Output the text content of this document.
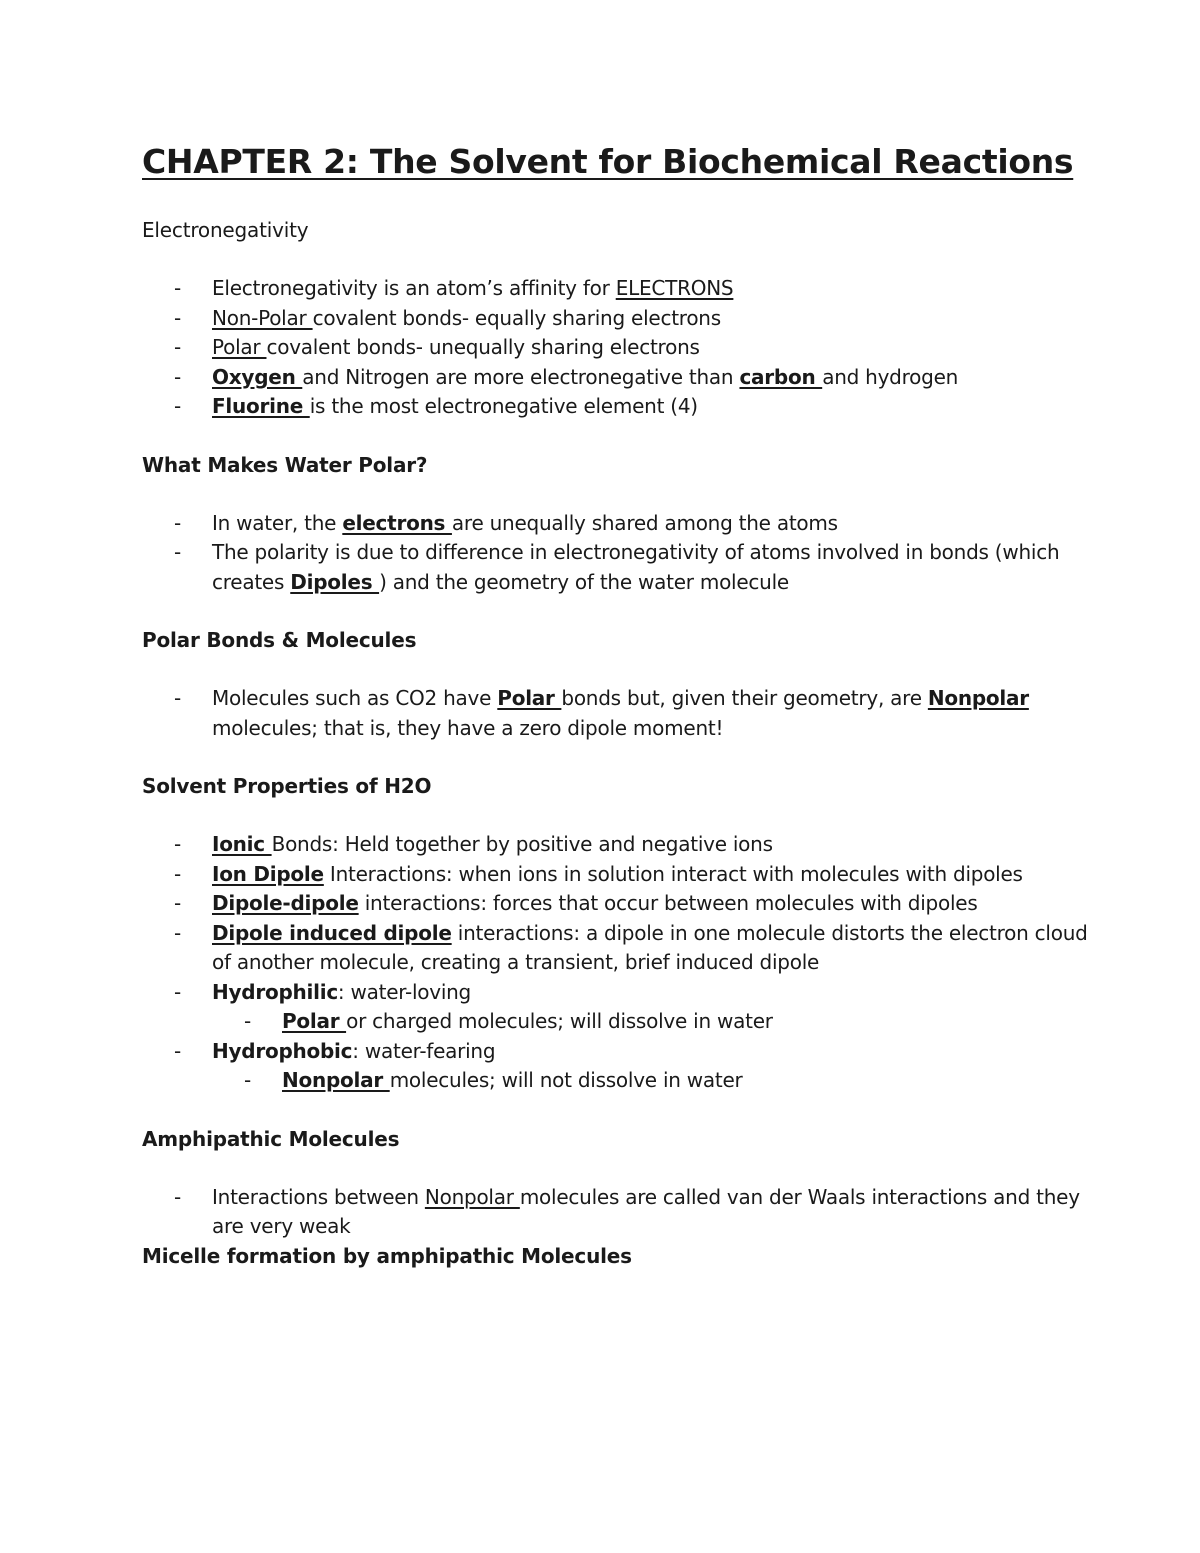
CHAPTER 2: The Solvent for Biochemical Reactions
Electronegativity
- Electronegativity is an atom’s affinity for ELECTRONS
- Non-Polar covalent bonds- equally sharing electrons
- Polar covalent bonds- unequally sharing electrons
- Oxygen and Nitrogen are more electronegative than carbon and hydrogen
- Fluorine is the most electronegative element (4)
What Makes Water Polar?
- In water, the electrons are unequally shared among the atoms
- The polarity is due to difference in electronegativity of atoms involved in bonds (which creates Dipoles ) and the geometry of the water molecule
Polar Bonds & Molecules
- Molecules such as CO2 have Polar bonds but, given their geometry, are Nonpolar molecules; that is, they have a zero dipole moment!
Solvent Properties of H2O
- Ionic Bonds: Held together by positive and negative ions
- Ion Dipole Interactions: when ions in solution interact with molecules with dipoles
- Dipole-dipole interactions: forces that occur between molecules with dipoles
- Dipole induced dipole interactions: a dipole in one molecule distorts the electron cloud of another molecule, creating a transient, brief induced dipole
- Hydrophilic: water-loving
- Polar or charged molecules; will dissolve in water
- Hydrophobic: water-fearing
- Nonpolar molecules; will not dissolve in water
Amphipathic Molecules
- Interactions between Nonpolar molecules are called van der Waals interactions and they are very weak
Micelle formation by amphipathic Molecules
